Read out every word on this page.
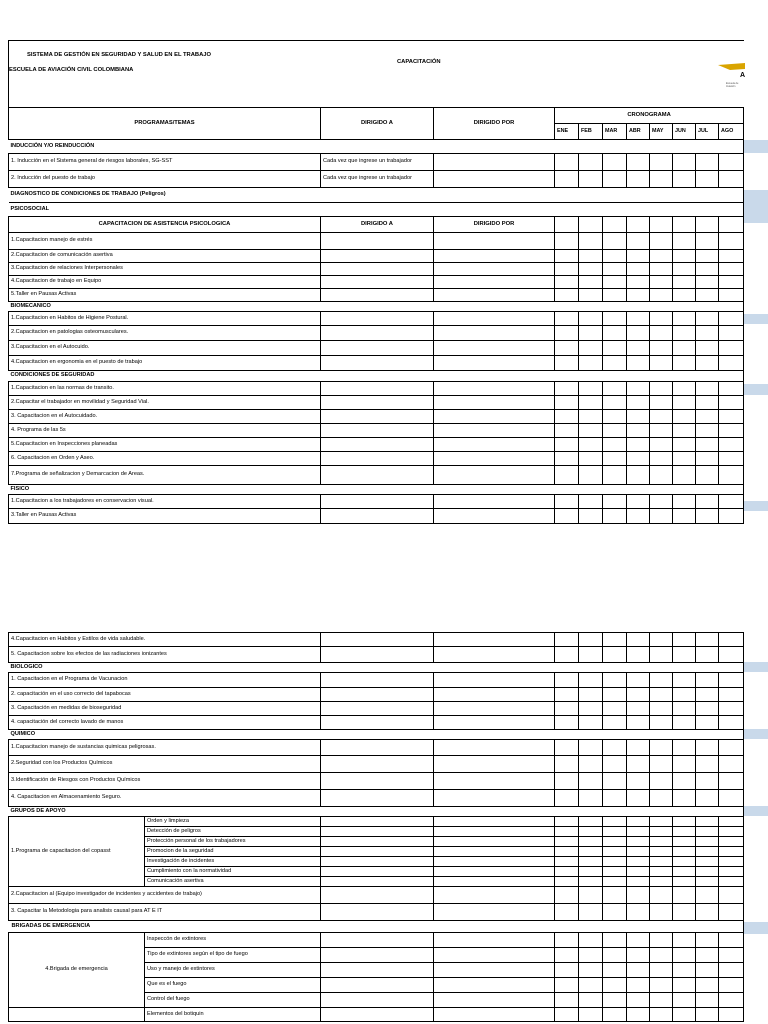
SISTEMA DE GESTIÓN EN SEGURIDAD Y SALUD EN EL TRABAJO
ESCUELA DE AVIACIÓN CIVIL COLOMBIANA
CAPACITACIÓN
A
Escuela de Aviación
PROGRAMAS/TEMAS	DIRIGIDO A	DIRIGIDO POR	CRONOGRAMA							
			ENE	FEB	MAR	ABR	MAY	JUN	JUL	AGO
INDUCCIÓN Y/O REINDUCCIÓN										
1. Inducción en el Sistema general de riesgos laborales, SG-SST	Cada vez que ingrese un trabajador									
2. Inducción del puesto de trabajo	Cada vez que ingrese un trabajador									
DIAGNOSTICO DE CONDICIONES DE TRABAJO (Peligros)										
PSICOSOCIAL										
CAPACITACION DE ASISTENCIA PSICOLOGICA	DIRIGIDO A	DIRIGIDO POR								
1.Capacitacion manejo de estrés										
2.Capacitacion de comunicación asertiva										
3.Capacitacion de relaciones Interpersonales										
4.Capacitacion de trabajo en Equipo										
5.Taller en Pausas Activas										
BIOMECANICO										
1.Capacitacion en Habitos de Higiene Postural.										
2.Capacitacion en patologias osteomusculares.										
3.Capacitacion en el Autocuido.										
4.Capacitacion en ergonomia en el puesto de trabajo										
CONDICIONES DE SEGURIDAD										
1.Capacitacion en las normas de transito.										
2.Capacitar el trabajador en movilidad y Seguridad Vial.										
3. Capacitacion en el Autocuidado.										
4. Programa de las 5s										
5.Capacitacion en Inspecciones planeadas										
6. Capacitacion en Orden y Aseo.										
7.Programa de señalizacion y Demarcacion de Areas.										
FISICO										
1.Capacitacion a los trabajadores en conservacion visual.										
3.Taller en Pausas Activas										
4.Capacitacion en Habitos y Estilos de vida saludable.											
5. Capacitacion sobre los efectos de las radiaciones ionizantes											
BIOLOGICO											
1. Capacitacion en el Programa de Vacunacion											
2. capacitación en el uso correcto del tapabocas											
3. Capacitación en medidas de bioseguridad											
4. capacitación del correcto lavado de manos											
QUIMICO											
1.Capacitacion manejo de sustancias quimicas peligrosas.											
2.Seguridad con los Productos Químicos											
3.Identificación de Riesgos con Productos Químicos											
4. Capacitacion en Almacenamiento Seguro.											
GRUPOS DE APOYO											
1.Programa de capacitacion del copasst	Orden y limpieza										
	Detección de peligros										
	Protección personal de los trabajadores										
	Promocion de la seguridad										
	Investigación de incidentes										
	Cumplimiento con la normatividad										
	Comunicación asertiva										
2.Capacitacion al (Equipo investigador de incidentes y accidentes de trabajo)											
3. Capacitar la Metodologia para analisis causal para AT E IT											
BRIGADAS DE EMERGENCIA											
4.Brigada de emergencia	Inspeccón de extintores										
	Tipo de extintores según el tipo de fuego										
	Uso y manejo de extintores										
	Que es el fuego										
	Control del fuego										
	Elementos del botiquin										
